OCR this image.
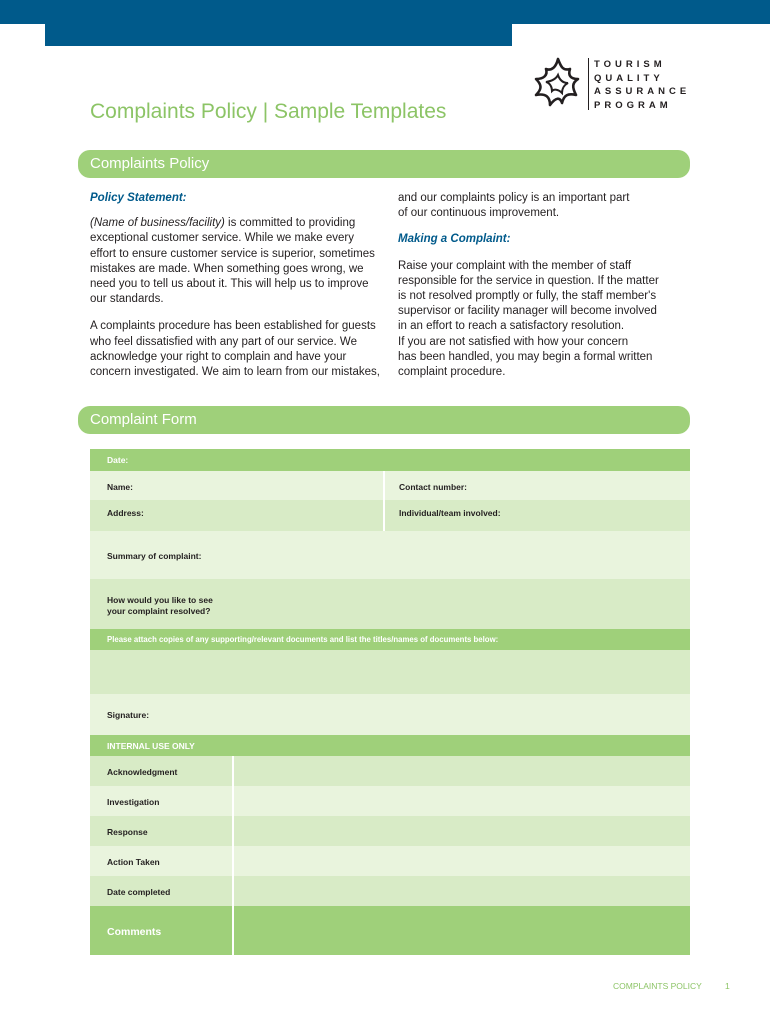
TOURISM
QUALITY
ASSURANCE
PROGRAM
Complaints Policy | Sample Templates
Complaints Policy

Policy Statement:

(Name of business/facility) is committed to providing
exceptional customer service. While we make every
effort to ensure customer service is superior, sometimes
mistakes are made. When something goes wrong, we
need you to tell us about it. This will help us to improve
our standards.

A complaints procedure has been established for guests
who feel dissatisfied with any part of our service. We
acknowledge your right to complain and have your
concern investigated. We aim to learn from our mistakes,

and our complaints policy is an important part
of our continuous improvement.

Making a Complaint:

Raise your complaint with the member of staff
responsible for the service in question. If the matter
is not resolved promptly or fully, the staff member's
supervisor or facility manager will become involved
in an effort to reach a satisfactory resolution.
If you are not satisfied with how your concern
has been handled, you may begin a formal written
complaint procedure.

Complaint Form
Date:
Name:	Contact number:
Address:	Individual/team involved:
Summary of complaint:
How would you like to see
your complaint resolved?
Please attach copies of any supporting/relevant documents and list the titles/names of documents below:
Signature:
INTERNAL USE ONLY
Acknowledgment
Investigation
Response
Action Taken
Date completed
Comments
COMPLAINTS POLICY	1
